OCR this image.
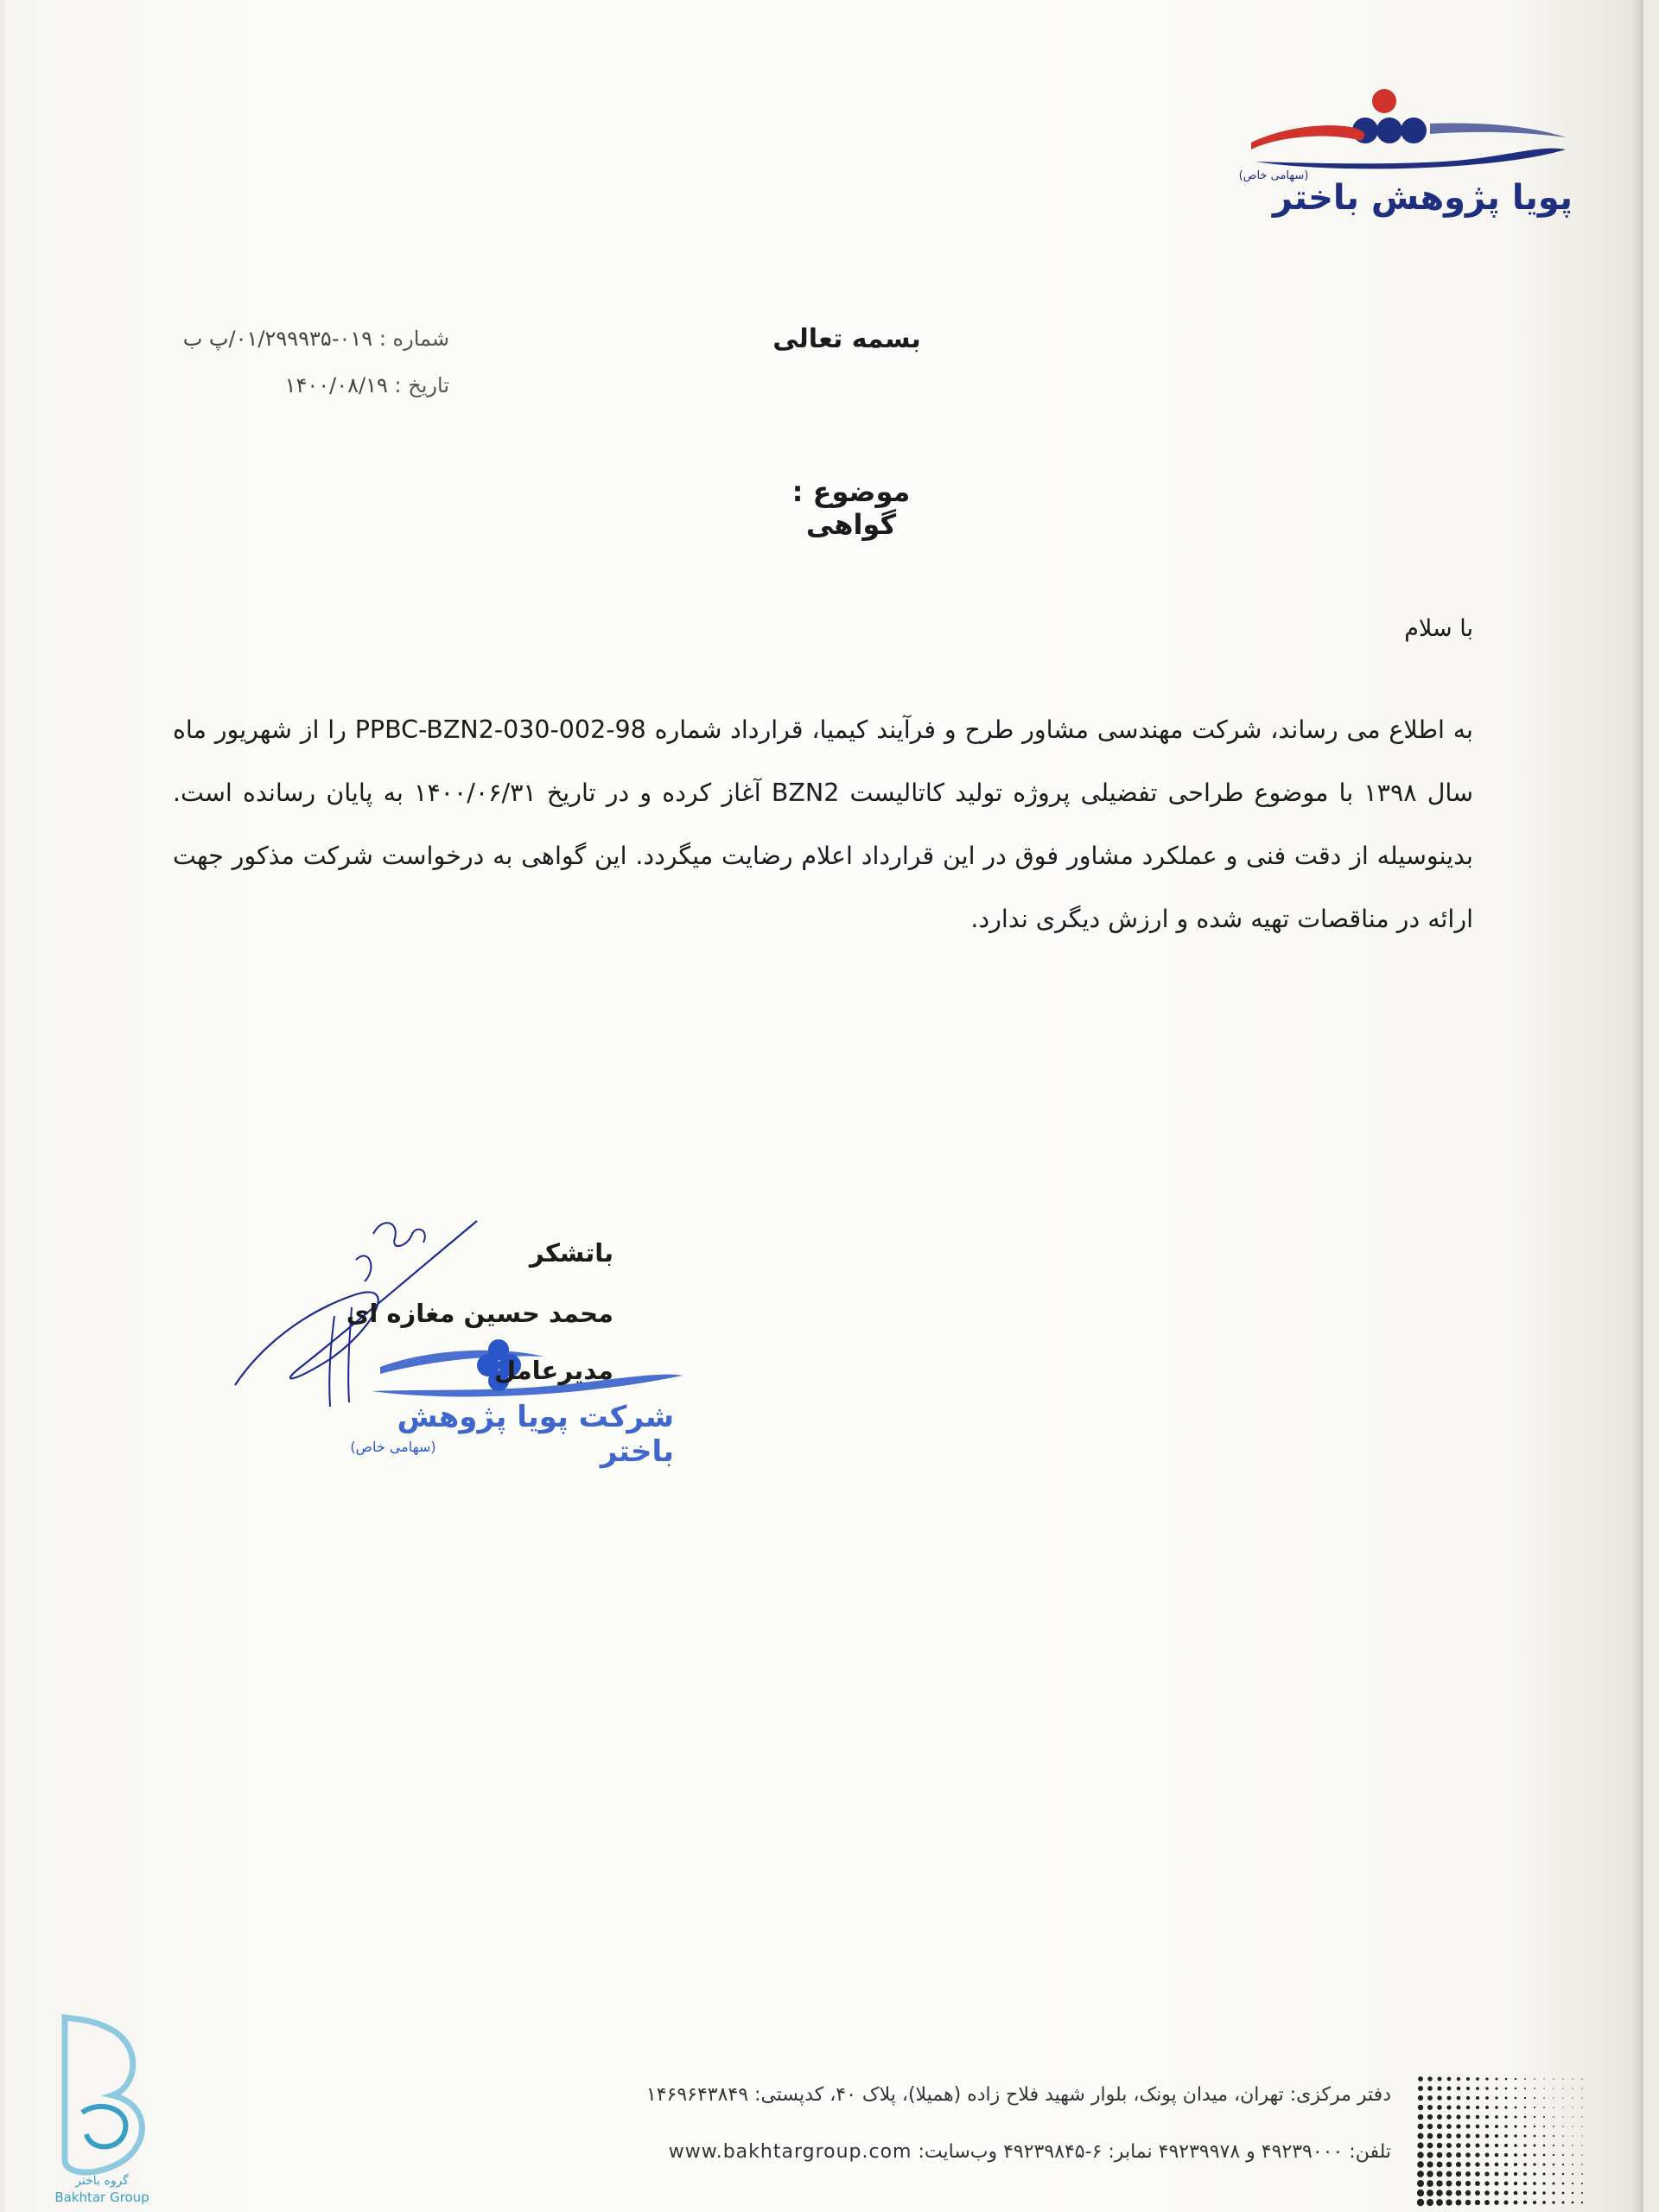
(سهامی خاص)
پویا پژوهش باختر
شماره : ۰۱۹-۰۱/۲۹۹۹۳۵/پ ب
تاریخ : ۱۴۰۰/۰۸/۱۹
بسمه تعالی
موضوع : گواهی
با سلام
به اطلاع می رساند، شرکت مهندسی مشاور طرح و فرآیند کیمیا، قرارداد شماره 98-PPBC-BZN2-030-002 را از شهریور ماه سال ۱۳۹۸ با موضوع طراحی تفضیلی پروژه تولید کاتالیست BZN2 آغاز کرده و در تاریخ ۱۴۰۰/۰۶/۳۱ به پایان رسانده است. بدینوسیله از دقت فنی و عملکرد مشاور فوق در این قرارداد اعلام رضایت میگردد. این گواهی به درخواست شرکت مذکور جهت ارائه در مناقصات تهیه شده و ارزش دیگری ندارد.
باتشکر
محمد حسین مغازه ای
مدیرعامل
شرکت پویا پژوهش باختر
(سهامی خاص)
گروه باختر
Bakhtar Group
دفتر مرکزی: تهران، میدان پونک، بلوار شهید فلاح زاده (همیلا)، پلاک ۴۰، کدپستی: ۱۴۶۹۶۴۳۸۴۹
تلفن: ۴۹۲۳۹۰۰۰ و ۴۹۲۳۹۹۷۸ نمابر: ۶-۴۹۲۳۹۸۴۵ وب‌سایت: www.bakhtargroup.com
